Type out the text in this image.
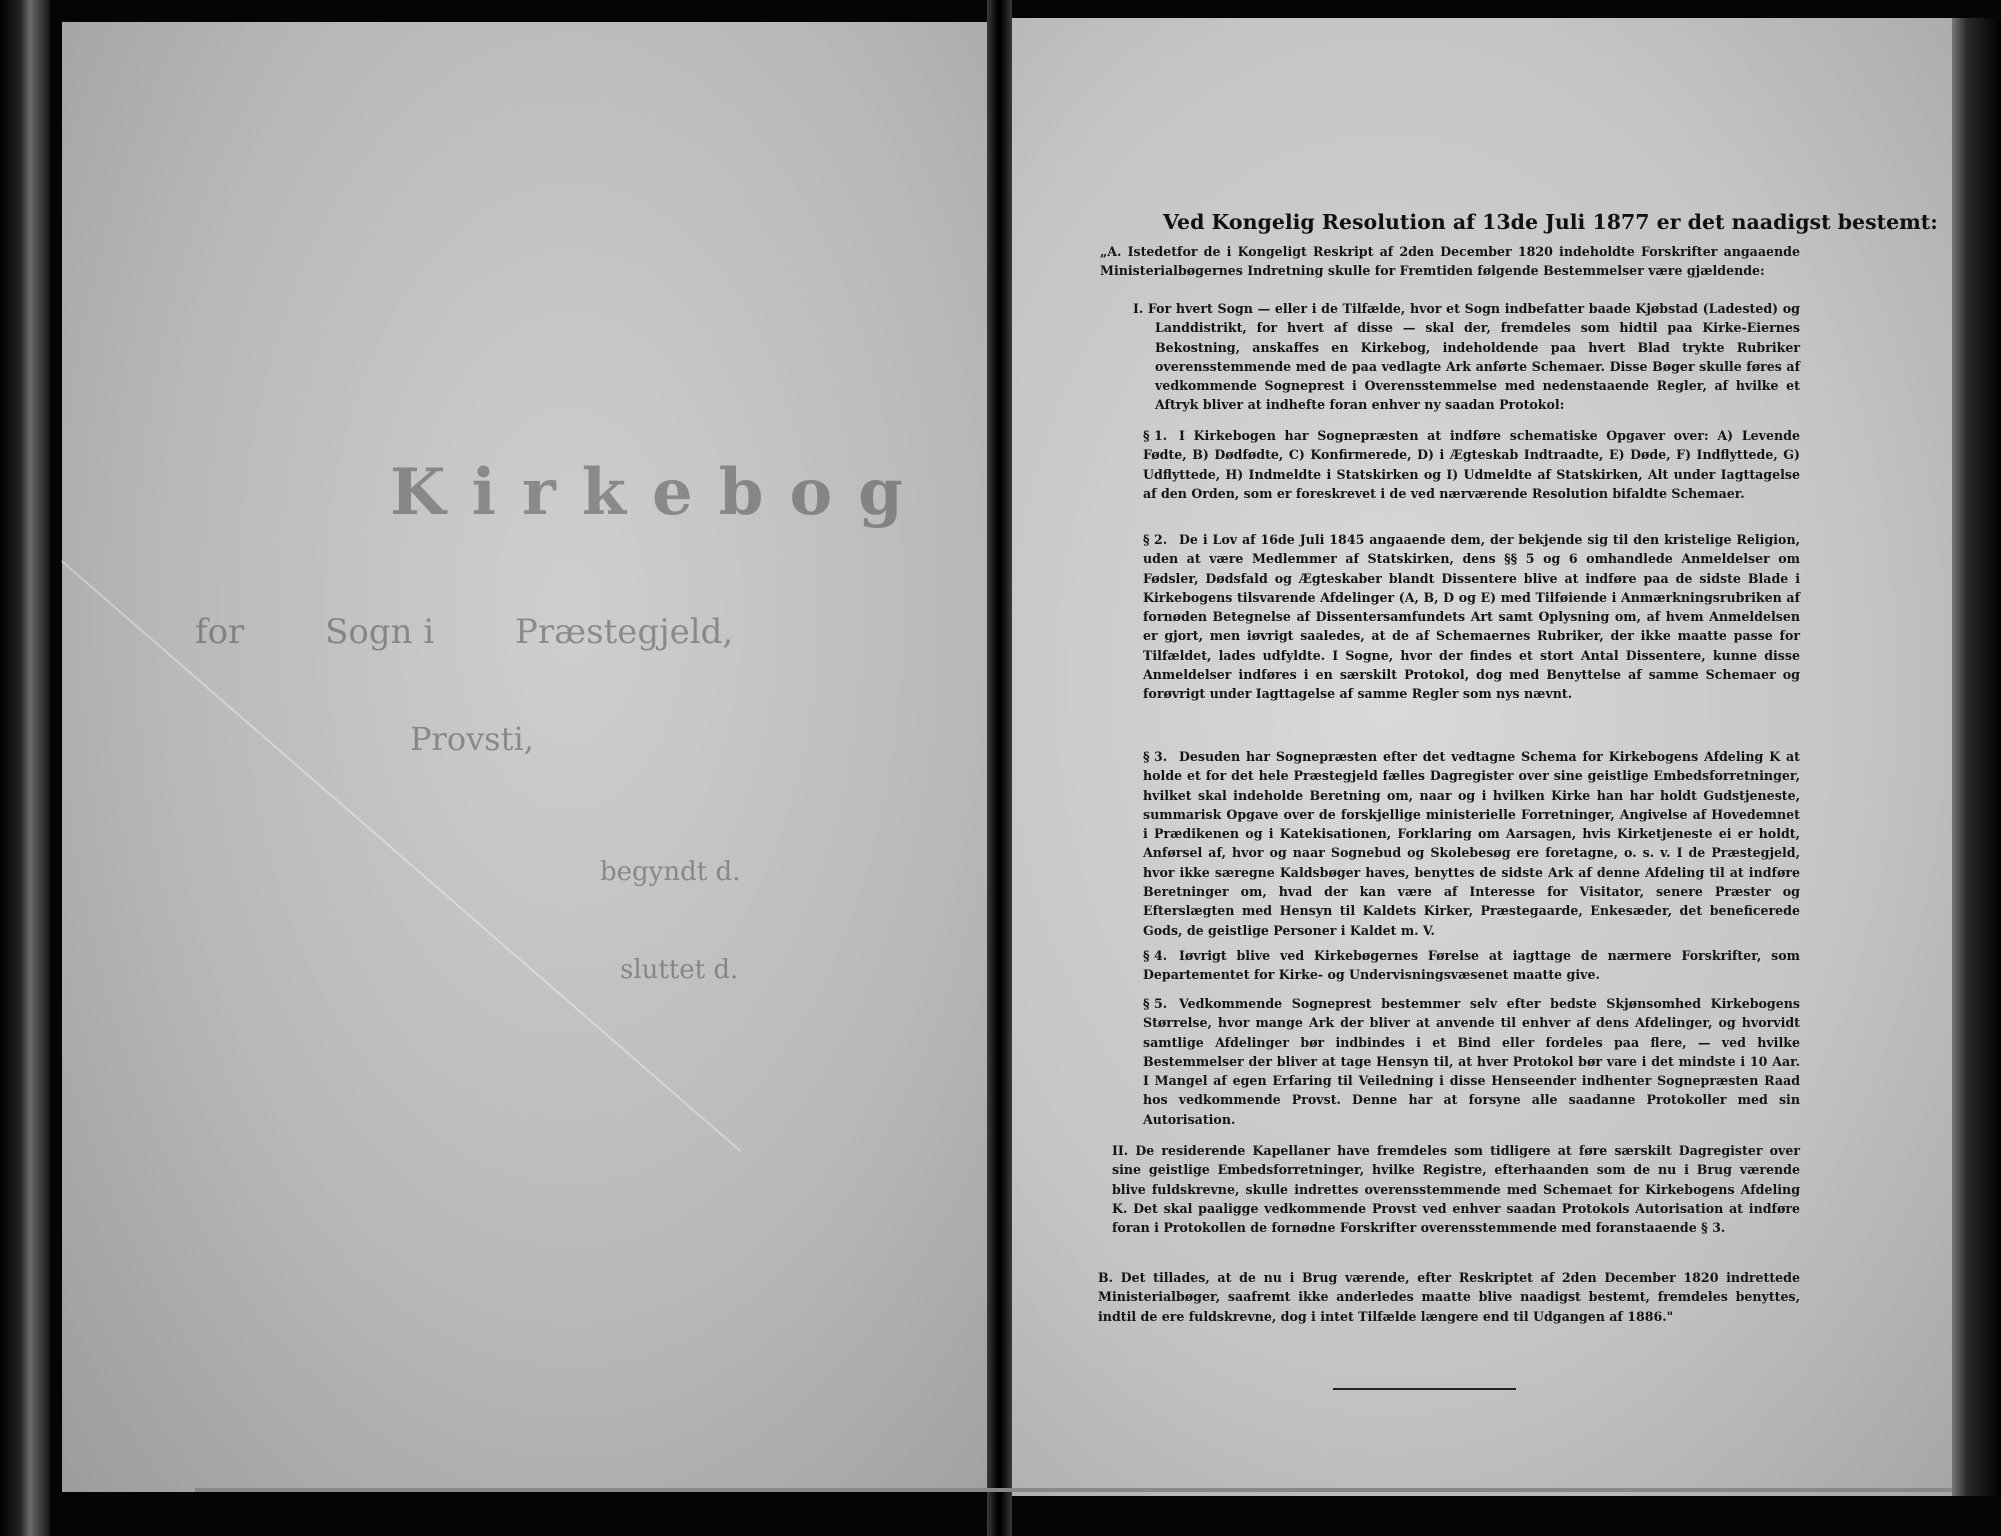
Kirkebog
for Sogn i Præstegjeld,
Provsti,
begyndt d.
sluttet d.
Ved Kongelig Resolution af 13de Juli 1877 er det naadigst bestemt:
„A. Istedetfor de i Kongeligt Reskript af 2den December 1820 indeholdte Forskrifter angaaende Ministerialbøgernes Indretning skulle for Fremtiden følgende Bestemmelser være gjældende:
I. For hvert Sogn — eller i de Tilfælde, hvor et Sogn indbefatter baade Kjøbstad (Ladested) og Landdistrikt, for hvert af disse — skal der, fremdeles som hidtil paa Kirke-Eiernes Bekostning, anskaffes en Kirkebog, indeholdende paa hvert Blad trykte Rubriker overensstemmende med de paa vedlagte Ark anførte Schemaer. Disse Bøger skulle føres af vedkommende Sogneprest i Overensstemmelse med nedenstaaende Regler, af hvilke et Aftryk bliver at indhefte foran enhver ny saadan Protokol:

§ 1. I Kirkebogen har Sognepræsten at indføre schematiske Opgaver over: A) Levende Fødte, B) Dødfødte, C) Konfirmerede, D) i Ægteskab Indtraadte, E) Døde, F) Indflyttede, G) Udflyttede, H) Indmeldte i Statskirken og I) Udmeldte af Statskirken, Alt under Iagttagelse af den Orden, som er foreskrevet i de ved nærværende Resolution bifaldte Schemaer.

§ 2. De i Lov af 16de Juli 1845 angaaende dem, der bekjende sig til den kristelige Religion, uden at være Medlemmer af Statskirken, dens §§ 5 og 6 omhandlede Anmeldelser om Fødsler, Dødsfald og Ægteskaber blandt Dissentere blive at indføre paa de sidste Blade i Kirkebogens tilsvarende Afdelinger (A, B, D og E) med Tilføiende i Anmærkningsrubriken af fornøden Betegnelse af Dissentersamfundets Art samt Oplysning om, af hvem Anmeldelsen er gjort, men iøvrigt saaledes, at de af Schemaernes Rubriker, der ikke maatte passe for Tilfældet, lades udfyldte. I Sogne, hvor der findes et stort Antal Dissentere, kunne disse Anmeldelser indføres i en særskilt Protokol, dog med Benyttelse af samme Schemaer og forøvrigt under Iagttagelse af samme Regler som nys nævnt.

§ 3. Desuden har Sognepræsten efter det vedtagne Schema for Kirkebogens Afdeling K at holde et for det hele Præstegjeld fælles Dagregister over sine geistlige Embedsforretninger, hvilket skal indeholde Beretning om, naar og i hvilken Kirke han har holdt Gudstjeneste, summarisk Opgave over de forskjellige ministerielle Forretninger, Angivelse af Hovedemnet i Prædikenen og i Katekisationen, Forklaring om Aarsagen, hvis Kirketjeneste ei er holdt, Anførsel af, hvor og naar Sognebud og Skolebesøg ere foretagne, o. s. v. I de Præstegjeld, hvor ikke særegne Kaldsbøger haves, benyttes de sidste Ark af denne Afdeling til at indføre Beretninger om, hvad der kan være af Interesse for Visitator, senere Præster og Efterslægten med Hensyn til Kaldets Kirker, Præstegaarde, Enkesæder, det beneficerede Gods, de geistlige Personer i Kaldet m. V.

§ 4. Iøvrigt blive ved Kirkebøgernes Førelse at iagttage de nærmere Forskrifter, som Departementet for Kirke- og Undervisningsvæsenet maatte give.

§ 5. Vedkommende Sogneprest bestemmer selv efter bedste Skjønsomhed Kirkebogens Størrelse, hvor mange Ark der bliver at anvende til enhver af dens Afdelinger, og hvorvidt samtlige Afdelinger bør indbindes i et Bind eller fordeles paa flere, — ved hvilke Bestemmelser der bliver at tage Hensyn til, at hver Protokol bør vare i det mindste i 10 Aar. I Mangel af egen Erfaring til Veiledning i disse Henseender indhenter Sognepræsten Raad hos vedkommende Provst. Denne har at forsyne alle saadanne Protokoller med sin Autorisation.

II. De residerende Kapellaner have fremdeles som tidligere at føre særskilt Dagregister over sine geistlige Embedsforretninger, hvilke Registre, efterhaanden som de nu i Brug værende blive fuldskrevne, skulle indrettes overensstemmende med Schemaet for Kirkebogens Afdeling K. Det skal paaligge vedkommende Provst ved enhver saadan Protokols Autorisation at indføre foran i Protokollen de fornødne Forskrifter overensstemmende med foranstaaende § 3.
B. Det tillades, at de nu i Brug værende, efter Reskriptet af 2den December 1820 indrettede Ministerialbøger, saafremt ikke anderledes maatte blive naadigst bestemt, fremdeles benyttes, indtil de ere fuldskrevne, dog i intet Tilfælde længere end til Udgangen af 1886."
